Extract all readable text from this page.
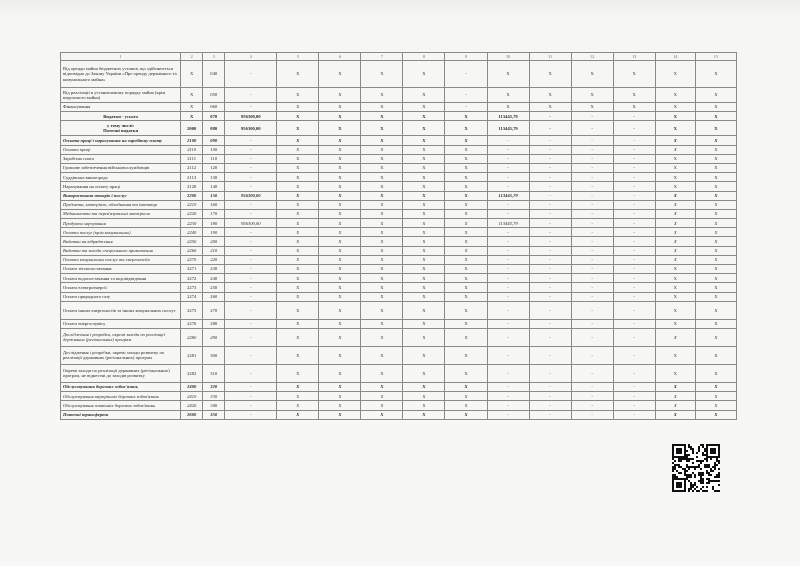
1	2	3	4	5	6	7	8	9	10	11	12	13	14	15
Від оренди майна бюджетних установ, що здійснюється відповідно до Закону України «Про оренду державного та комунального майна»	X	040	-	X	X	X	X	-	X	X	X	X	X	X
Від реалізації в установленому порядку майна (крім нерухомого майна)	X	050	-	X	X	X	X	-	X	X	X	X	X	X
Фінансування	X	060	-	X	X	X	X	-	X	X	X	X	X	X
Видатки - усього	X	070	956300,00	X	X	X	X	X	113445,79	-	-	-	X	X
у тому числі:
Поточні видатки	2000	080	956300,00	X	X	X	X	X	113445,79	-	-	-	X	X
Оплата праці і нарахування на заробітну плату	2100	090	-	X	X	X	X	X	-	-	-	-	X	X
Оплата праці	2110	100	-	X	X	X	X	X	-	-	-	-	X	X
Заробітна плата	2111	110	-	X	X	X	X	X	-	-	-	-	X	X
Грошове забезпечення військовослужбовців	2112	120	-	X	X	X	X	X	-	-	-	-	X	X
Суддівська винагорода	2113	130	-	X	X	X	X	X	-	-	-	-	X	X
Нарахування на оплату праці	2120	140	-	X	X	X	X	X	-	-	-	-	X	X
Використання товарів і послуг	2200	150	956300,00	X	X	X	X	X	113445,79	-	-	-	X	X
Предмети, матеріали, обладнання та інвентар	2210	160	-	X	X	X	X	X	-	-	-	-	X	X
Медикаменти та перев'язувальні матеріали	2220	170	-	X	X	X	X	X	-	-	-	-	X	X
Продукти харчування	2230	180	956300,00	X	X	X	X	X	113445,79	-	-	-	X	X
Оплата послуг (крім комунальних)	2240	190	-	X	X	X	X	X	-	-	-	-	X	X
Видатки на відрядження	2250	200	-	X	X	X	X	X	-	-	-	-	X	X
Видатки та заходи спеціального призначення	2260	210	-	X	X	X	X	X	-	-	-	-	X	X
Оплата комунальних послуг та енергоносіїв	2270	220	-	X	X	X	X	X	-	-	-	-	X	X
Оплата теплопостачання	2271	230	-	X	X	X	X	X	-	-	-	-	X	X
Оплата водопостачання та водовідведення	2272	240	-	X	X	X	X	X	-	-	-	-	X	X
Оплата електроенергії	2273	250	-	X	X	X	X	X	-	-	-	-	X	X
Оплата природного газу	2274	260	-	X	X	X	X	X	-	-	-	-	X	X
Оплата інших енергоносіїв та інших комунальних послуг	2275	270	-	X	X	X	X	X	-	-	-	-	X	X
Оплата енергосервісу	2276	280	-	X	X	X	X	X	-	-	-	-	X	X
Дослідження і розробки, окремі заходи по реалізації державних (регіональних) програм	2280	290	-	X	X	X	X	X	-	-	-	-	X	X
Дослідження і розробки, окремі заходи розвитку по реалізації державних (регіональних) програм	2281	300	-	X	X	X	X	X	-	-	-	-	X	X
Окремі заходи по реалізації державних (регіональних) програм, не віднесені до заходів розвитку	2282	310	-	X	X	X	X	X	-	-	-	-	X	X
Обслуговування боргових зобов'язань	2400	320	-	X	X	X	X	X	-	-	-	-	X	X
Обслуговування внутрішніх боргових зобов'язань	2410	330	-	X	X	X	X	X	-	-	-	-	X	X
Обслуговування зовнішніх боргових зобов'язань	2420	340	-	X	X	X	X	X	-	-	-	-	X	X
Поточні трансферти	2600	350	-	X	X	X	X	X	-	-	-	-	X	X
